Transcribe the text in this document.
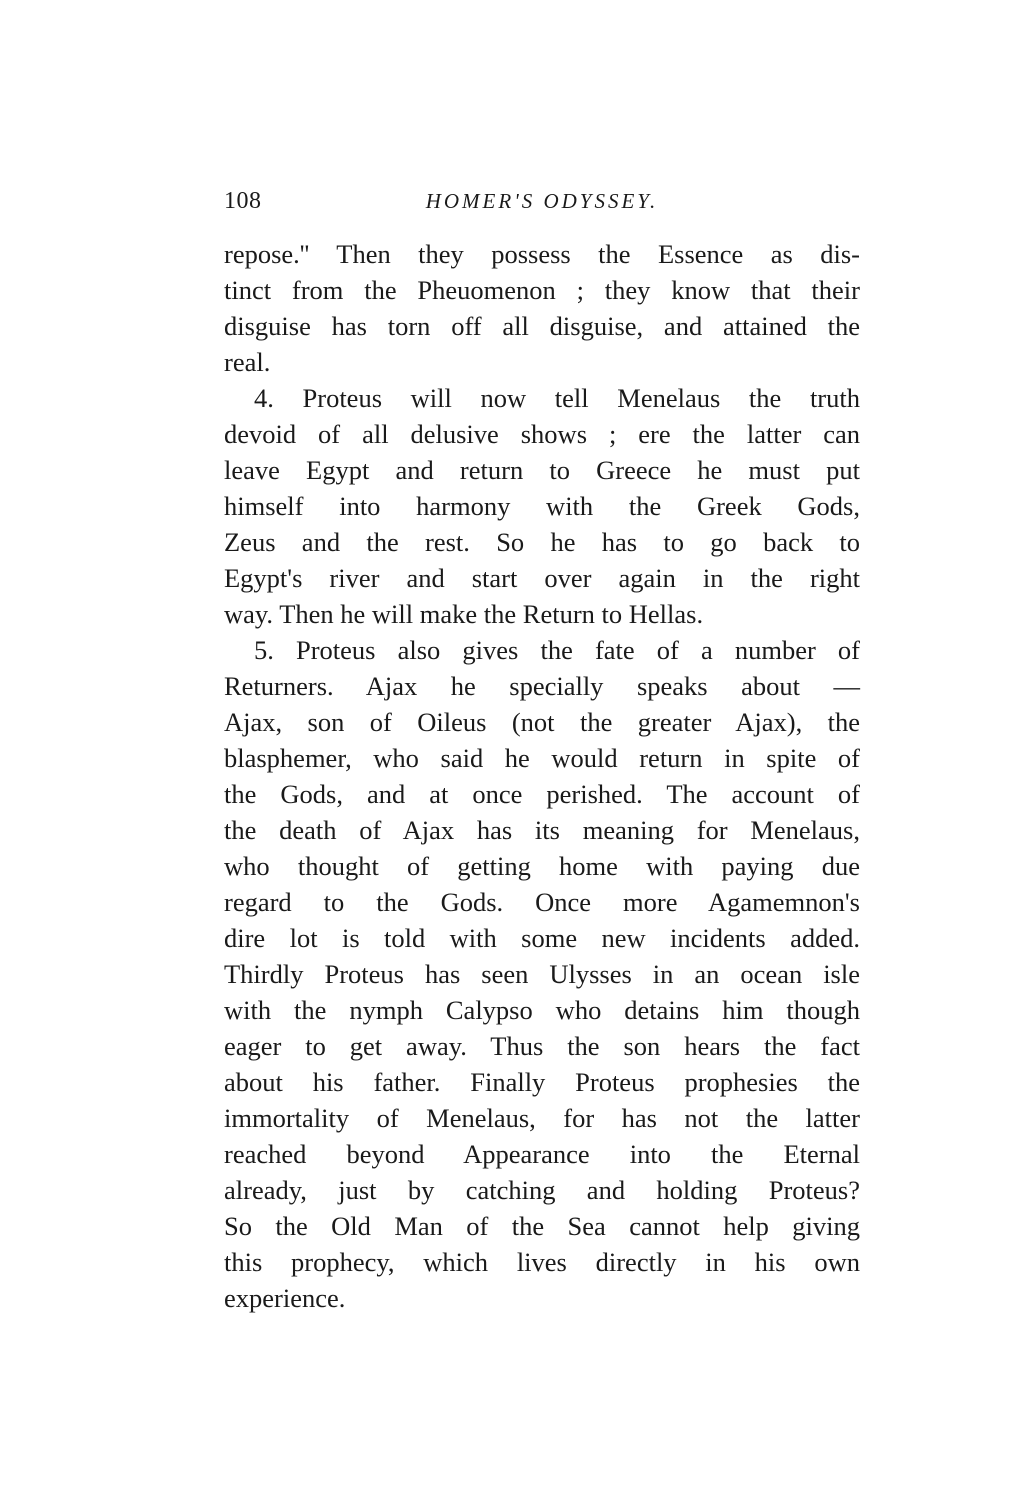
108	HOMER'S ODYSSEY.
repose.'' Then they possess the Essence as dis-
tinct from the Pheuomenon ; they know that their
disguise has torn off all disguise, and attained the
real.
4. Proteus will now tell Menelaus the truth
devoid of all delusive shows ; ere the latter can
leave Egypt and return to Greece he must put
himself into harmony with the Greek Gods,
Zeus and the rest. So he has to go back to
Egypt's river and start over again in the right
way. Then he will make the Return to Hellas.
5. Proteus also gives the fate of a number of
Returners. Ajax he specially speaks about —
Ajax, son of Oileus (not the greater Ajax), the
blasphemer, who said he would return in spite of
the Gods, and at once perished. The account of
the death of Ajax has its meaning for Menelaus,
who thought of getting home with paying due
regard to the Gods. Once more Agamemnon's
dire lot is told with some new incidents added.
Thirdly Proteus has seen Ulysses in an ocean isle
with the nymph Calypso who detains him though
eager to get away. Thus the son hears the fact
about his father. Finally Proteus prophesies the
immortality of Menelaus, for has not the latter
reached beyond Appearance into the Eternal
already, just by catching and holding Proteus?
So the Old Man of the Sea cannot help giving
this prophecy, which lives directly in his own
experience.
